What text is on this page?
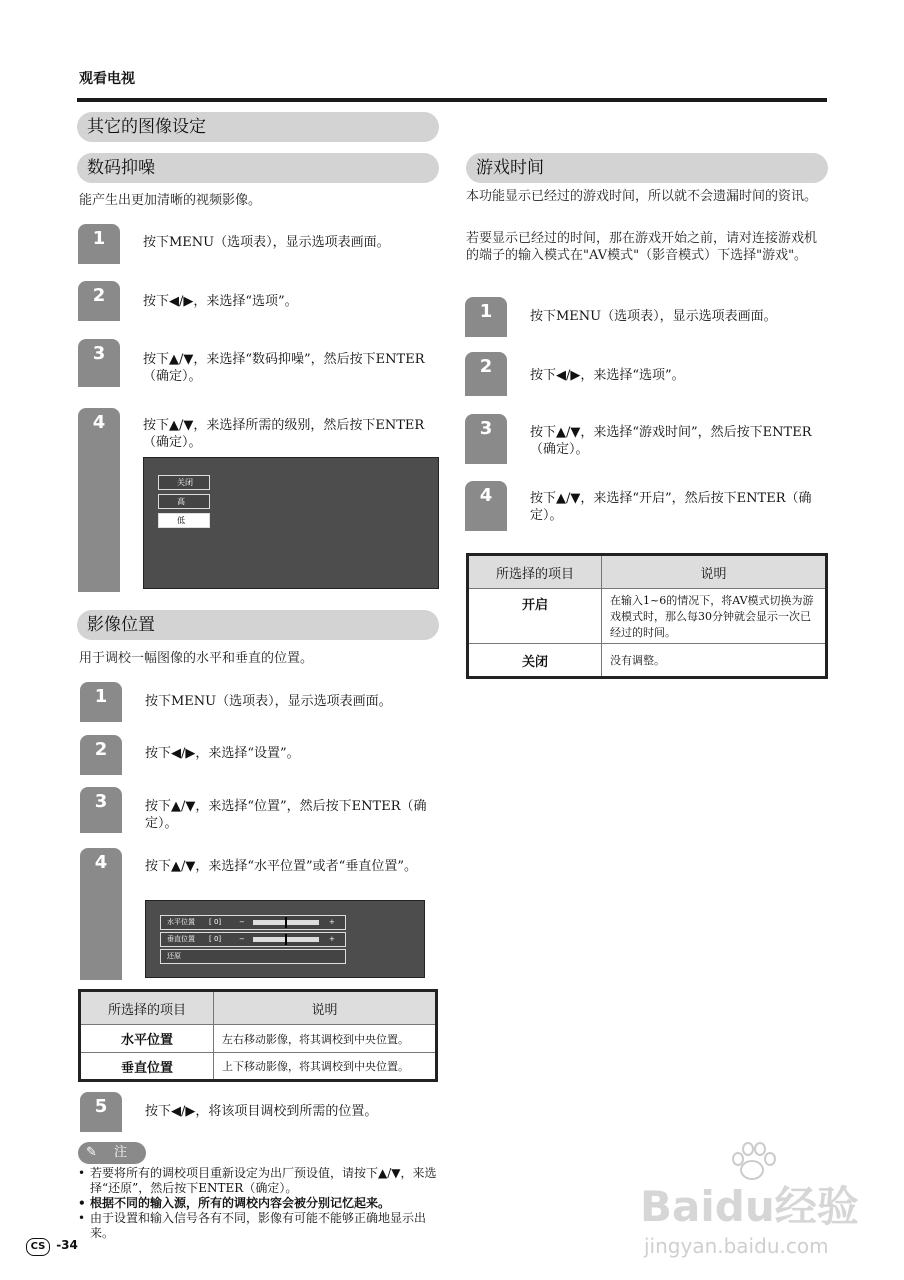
观看电视
其它的图像设定
数码抑噪
能产生出更加清晰的视频影像。
1	按下MENU（选项表），显示选项表画面。
2	按下◀/▶，来选择“选项”。
3	按下▲/▼，来选择“数码抑噪”，然后按下ENTER（确定）。
4	按下▲/▼，来选择所需的级别，然后按下ENTER（确定）。
关闭
高
低
影像位置
用于调校一幅图像的水平和垂直的位置。
1	按下MENU（选项表），显示选项表画面。
2	按下◀/▶，来选择“设置”。
3	按下▲/▼，来选择“位置”，然后按下ENTER（确定）。
4	按下▲/▼，来选择“水平位置”或者“垂直位置”。
水平位置 [ 0]	−	+
垂直位置 [ 0]	−	+
还原
所选择的项目	说明
水平位置	左右移动影像，将其调校到中央位置。
垂直位置	上下移动影像，将其调校到中央位置。
5	按下◀/▶，将该项目调校到所需的位置。
✎ 注
• 若要将所有的调校项目重新设定为出厂预设值，请按下▲/▼，来选择“还原”，然后按下ENTER（确定）。
• 根据不同的输入源，所有的调校内容会被分别记忆起来。
• 由于设置和输入信号各有不同，影像有可能不能够正确地显示出来。
游戏时间
本功能显示已经过的游戏时间，所以就不会遗漏时间的资讯。
若要显示已经过的时间，那在游戏开始之前，请对连接游戏机的端子的输入模式在"AV模式"（影音模式）下选择"游戏"。
1	按下MENU（选项表），显示选项表画面。
2	按下◀/▶，来选择“选项”。
3	按下▲/▼，来选择“游戏时间”，然后按下ENTER（确定）。
4	按下▲/▼，来选择“开启”，然后按下ENTER（确定）。
所选择的项目	说明
开启	在输入1~6的情况下，将AV模式切换为游戏模式时，那么每30分钟就会显示一次已经过的时间。
关闭	没有调整。
CS -34
Baidu经验
jingyan.baidu.com
